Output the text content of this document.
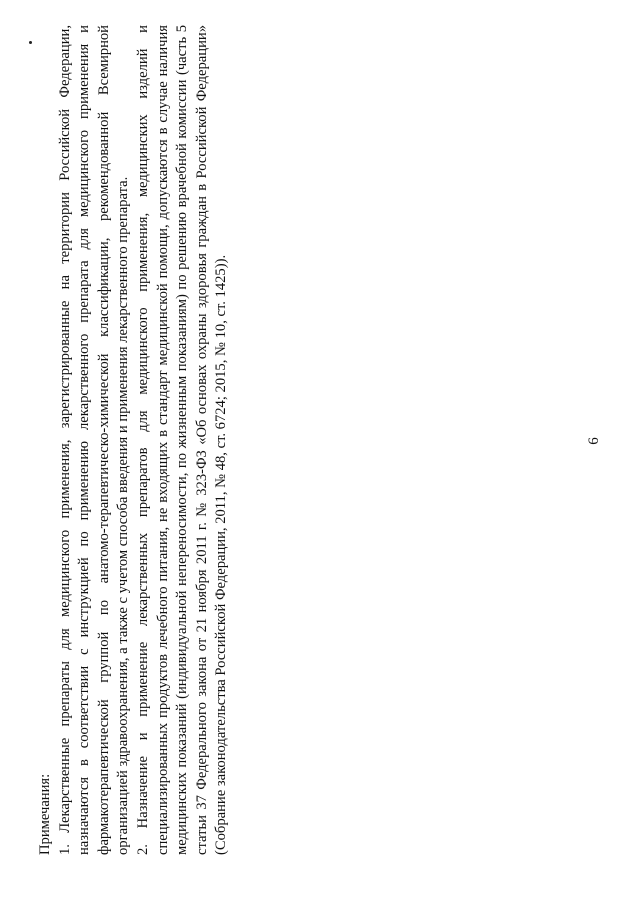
Примечания: 1. Лекарственные препараты для медицинского применения, зарегистрированные на территории Российской Федерации, назначаются в соответствии с инструкцией по применению лекарственного препарата для медицинского применения и фармакотерапевтической группой по анатомо-терапевтическо-химической классификации, рекомендованной Всемирной организацией здравоохранения, а также с учетом способа введения и применения лекарственного препарата. 2. Назначение и применение лекарственных препаратов для медицинского применения, медицинских изделий и специализированных продуктов лечебного питания, не входящих в стандарт медицинской помощи, допускаются в случае наличия медицинских показаний (индивидуальной непереносимости, по жизненным показаниям) по решению врачебной комиссии (часть 5 статьи 37 Федерального закона от 21 ноября 2011 г. № 323-ФЗ «Об основах охраны здоровья граждан в Российской Федерации» (Собрание законодательства Российской Федерации, 2011, № 48, ст. 6724; 2015, № 10, ст. 1425)).	6
